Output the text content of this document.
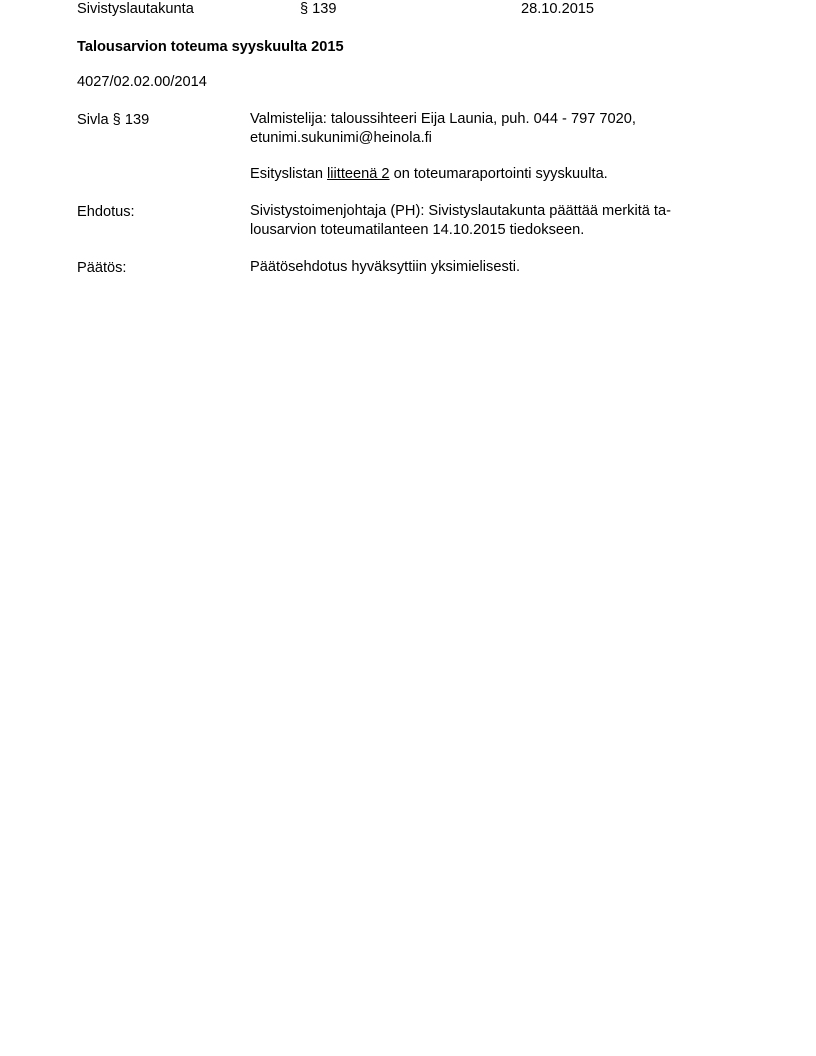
Sivistyslautakunta	§ 139	28.10.2015
Talousarvion toteuma syyskuulta 2015
4027/02.02.00/2014
Sivla § 139	Valmistelija: taloussihteeri Eija Launia, puh. 044 - 797 7020,
etunimi.sukunimi@heinola.fi
Esityslistan liitteenä 2 on toteumaraportointi syyskuulta.
Ehdotus:	Sivistystoimenjohtaja (PH): Sivistyslautakunta päättää merkitä ta-
lousarvion toteumatilanteen 14.10.2015 tiedokseen.
Päätös:	Päätösehdotus hyväksyttiin yksimielisesti.
